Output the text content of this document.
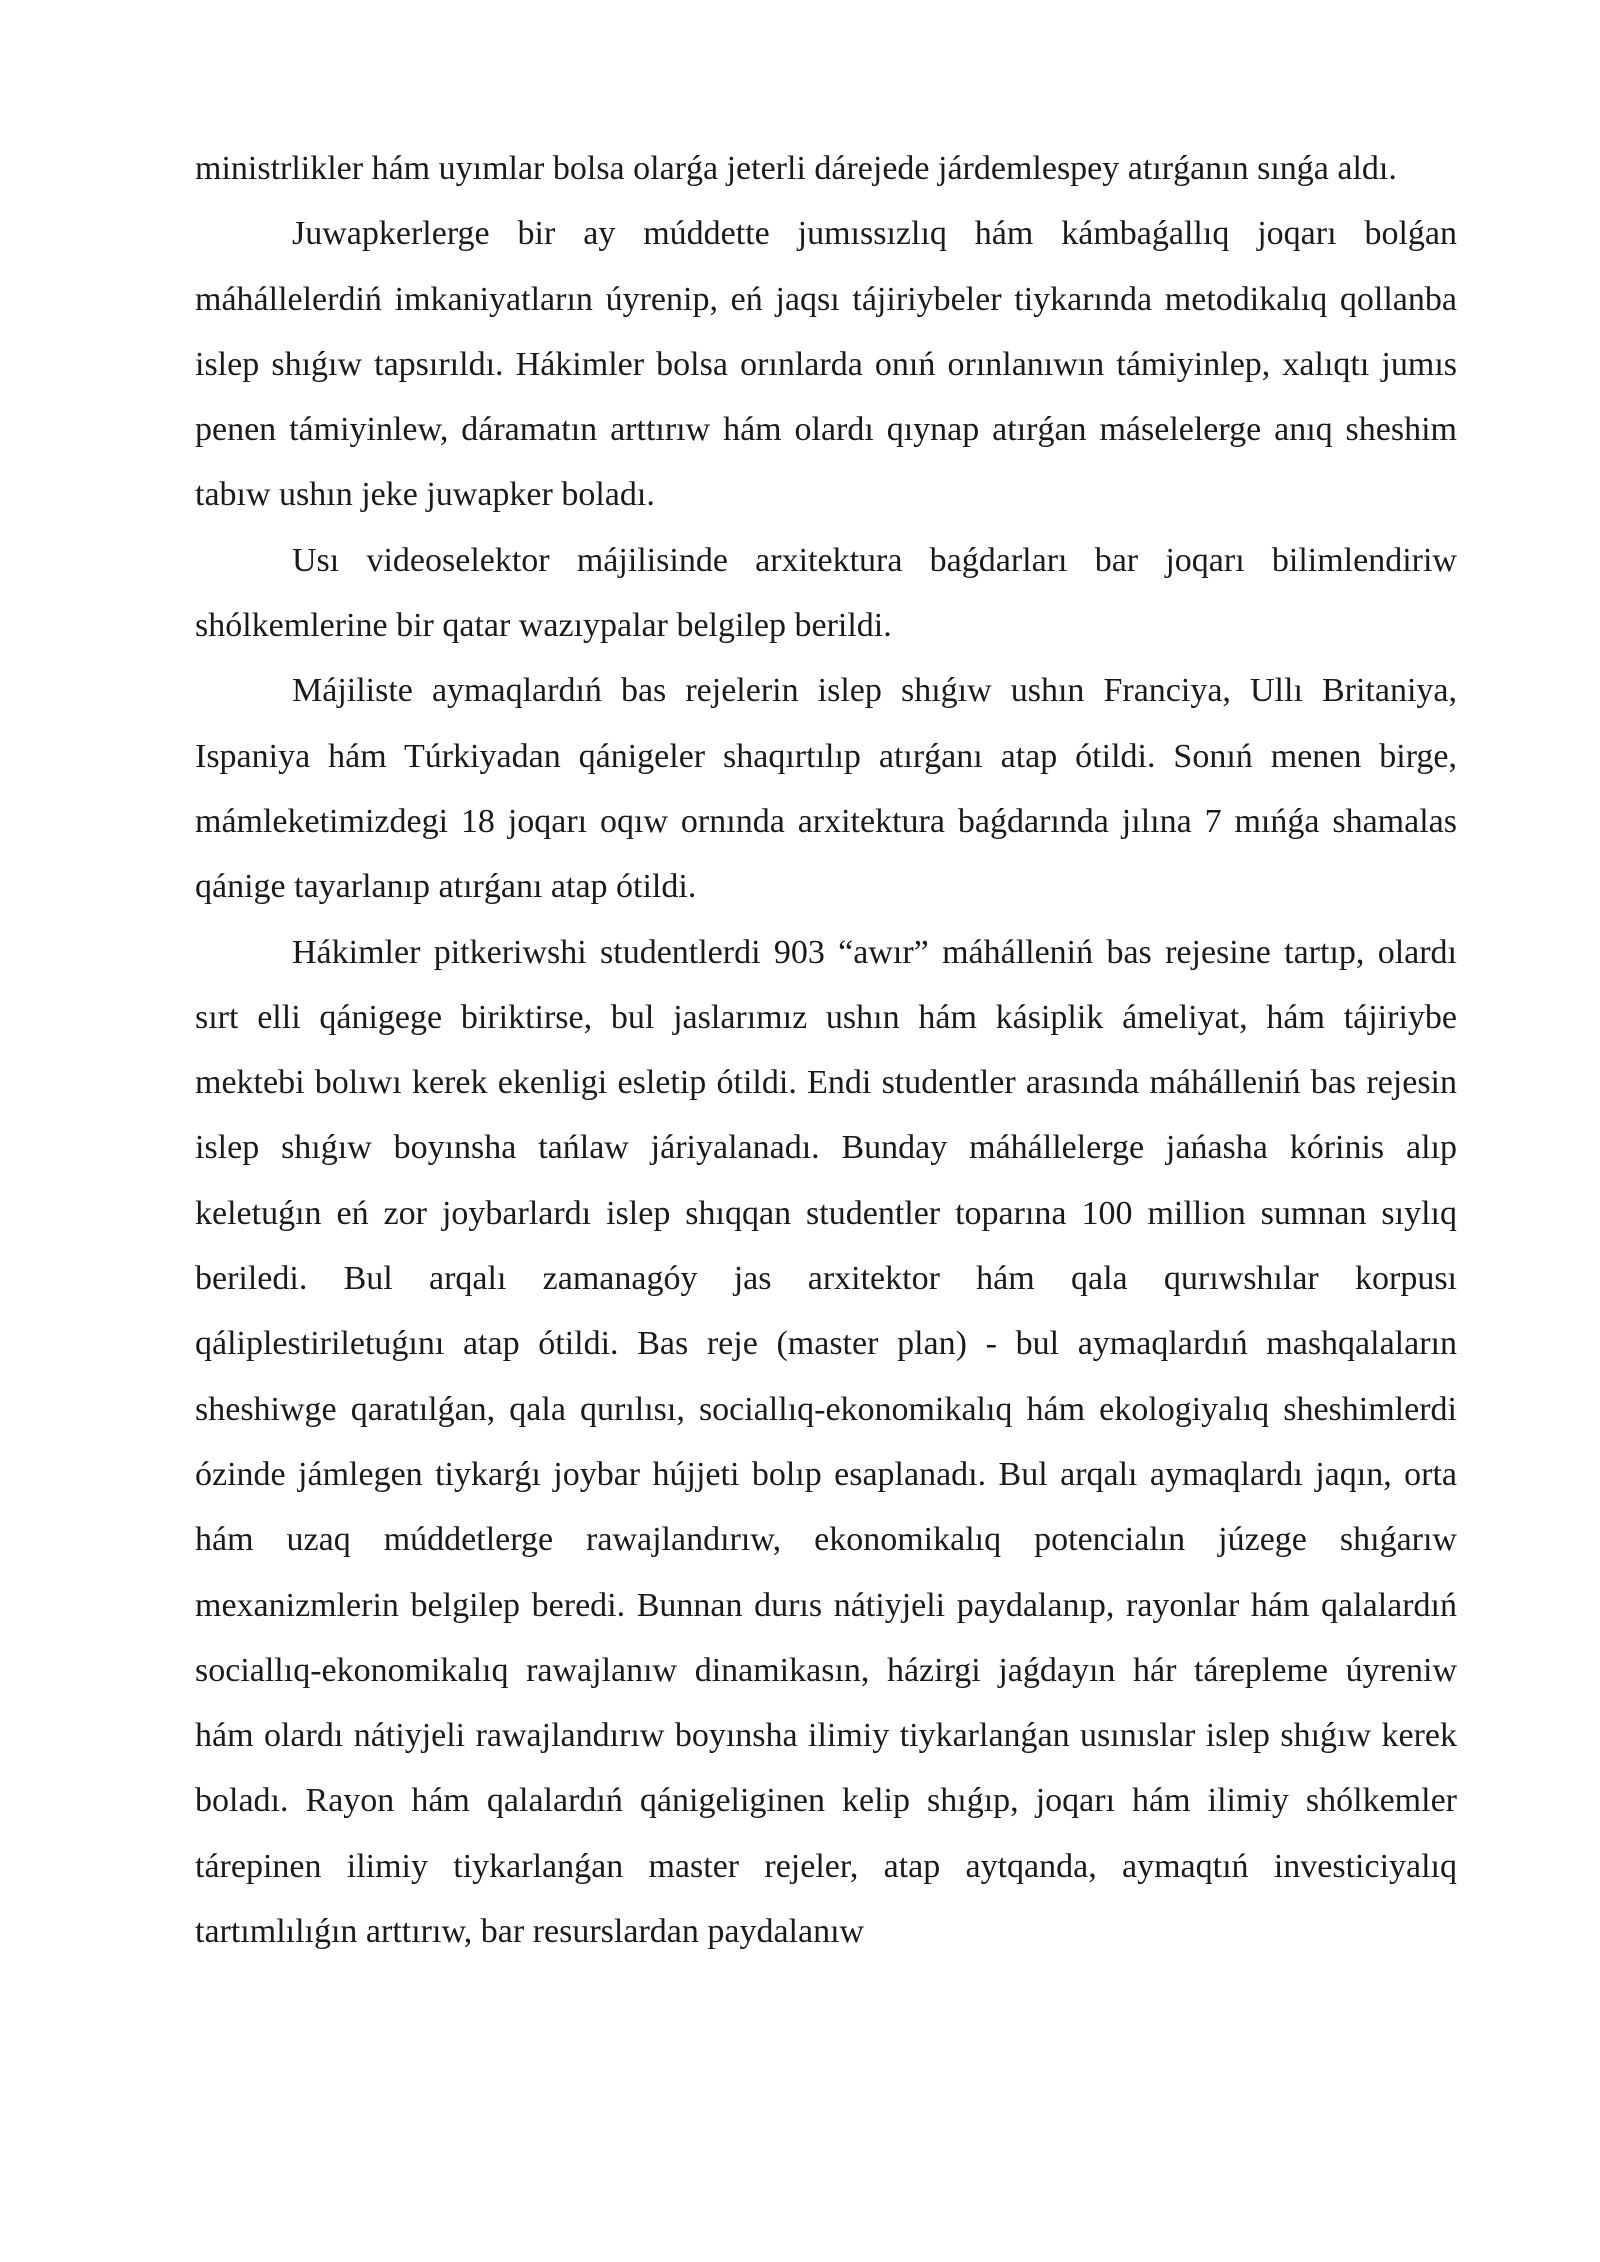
ministrlikler hám uyımlar bolsa olarǵa jeterli dárejede járdemlespey atırǵanın sınǵa aldı.

Juwapkerlerge bir ay múddette jumıssızlıq hám kámbaǵallıq joqarı bolǵan máhállelerdiń imkaniyatların úyrenip, eń jaqsı tájiriybeler tiykarında metodikalıq qollanba islep shıǵıw tapsırıldı. Hákimler bolsa orınlarda onıń orınlanıwın támiyinlep, xalıqtı jumıs penen támiyinlew, dáramatın arttırıw hám olardı qıynap atırǵan máselelerge anıq sheshim tabıw ushın jeke juwapker boladı.

Usı videoselektor májilisinde arxitektura baǵdarları bar joqarı bilimlendiriw shólkemlerine bir qatar wazıypalar belgilep berildi.

Májiliste aymaqlardıń bas rejelerin islep shıǵıw ushın Franciya, Ullı Britaniya, Ispaniya hám Túrkiyadan qánigeler shaqırtılıp atırǵanı atap ótildi. Sonıń menen birge, mámleketimizdegi 18 joqarı oqıw ornında arxitektura baǵdarında jılına 7 mıńǵa shamalas qánige tayarlanıp atırǵanı atap ótildi.

Hákimler pitkeriwshi studentlerdi 903 “awır” máhálleniń bas rejesine tartıp, olardı sırt elli qánigege biriktirse, bul jaslarımız ushın hám kásiplik ámeliyat, hám tájiriybe mektebi bolıwı kerek ekenligi esletip ótildi. Endi studentler arasında máhálleniń bas rejesin islep shıǵıw boyınsha tańlaw járiyalanadı. Bunday máhállelerge jańasha kórinis alıp keletuǵın eń zor joybarlardı islep shıqqan studentler toparına 100 million sumnan sıylıq beriledi. Bul arqalı zamanagóy jas arxitektor hám qala qurıwshılar korpusı qáliplestiriletuǵını atap ótildi. Bas reje (master plan) - bul aymaqlardıń mashqalaların sheshiwge qaratılǵan, qala qurılısı, sociallıq-ekonomikalıq hám ekologiyalıq sheshimlerdi ózinde jámlegen tiykarǵı joybar hújjeti bolıp esaplanadı. Bul arqalı aymaqlardı jaqın, orta hám uzaq múddetlerge rawajlandırıw, ekonomikalıq potencialın júzege shıǵarıw mexanizmlerin belgilep beredi. Bunnan durıs nátiyjeli paydalanıp, rayonlar hám qalalardıń sociallıq-ekonomikalıq rawajlanıw dinamikasın, házirgi jaǵdayın hár tárepleme úyreniw hám olardı nátiyjeli rawajlandırıw boyınsha ilimiy tiykarlanǵan usınıslar islep shıǵıw kerek boladı. Rayon hám qalalardıń qánigeliginen kelip shıǵıp, joqarı hám ilimiy shólkemler tárepinen ilimiy tiykarlanǵan master rejeler, atap aytqanda, aymaqtıń investiciyalıq tartımlılıǵın arttırıw, bar resurslardan paydalanıw
